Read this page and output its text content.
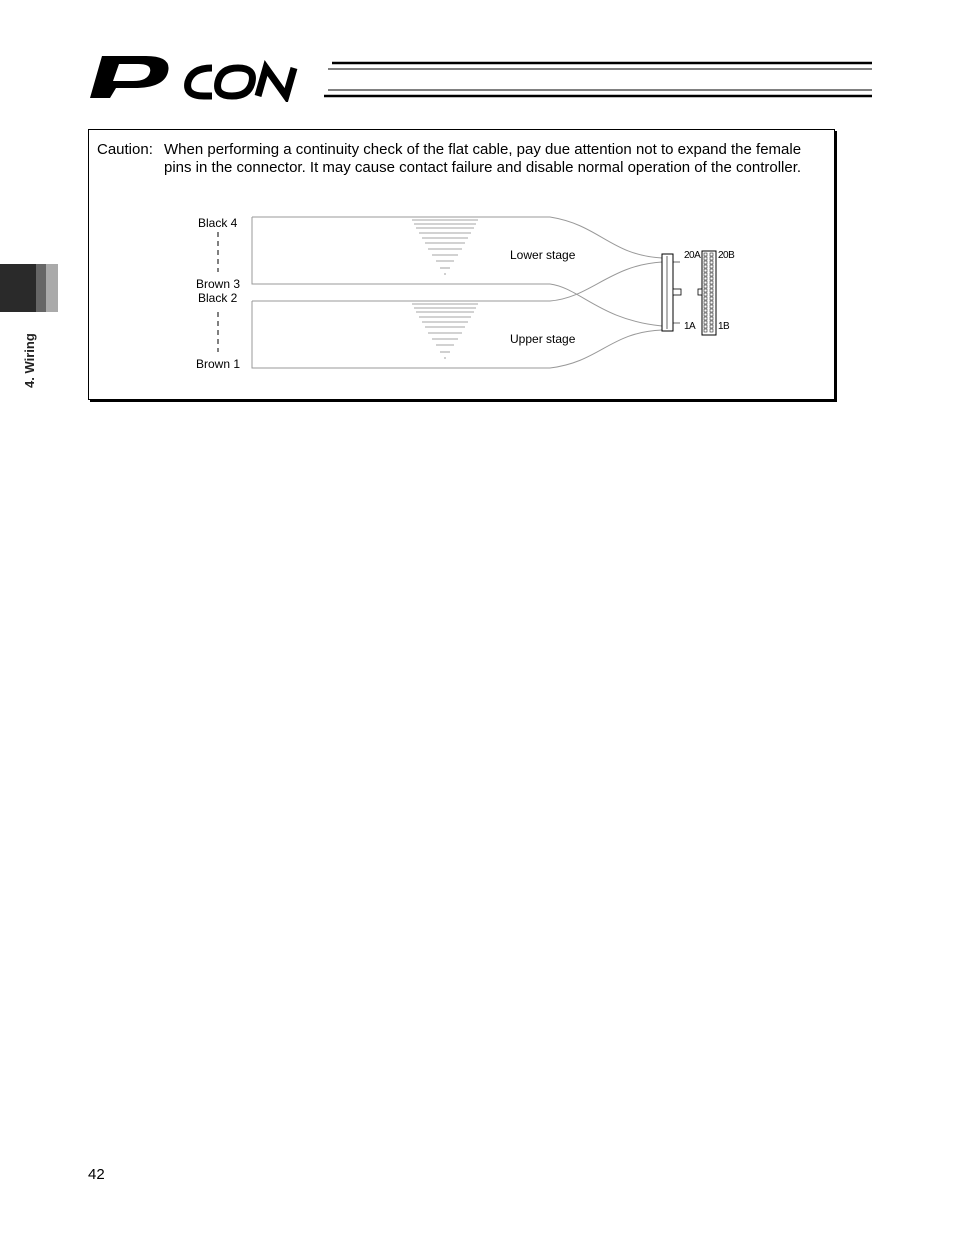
4. Wiring
Caution: When performing a continuity check of the flat cable, pay due attention not to expand the female pins in the connector. It may cause contact failure and disable normal operation of the controller.
Black 4
Brown 3
Black 2
Brown 1
Lower stage
Upper stage
20A 20B
1A 1B
42
